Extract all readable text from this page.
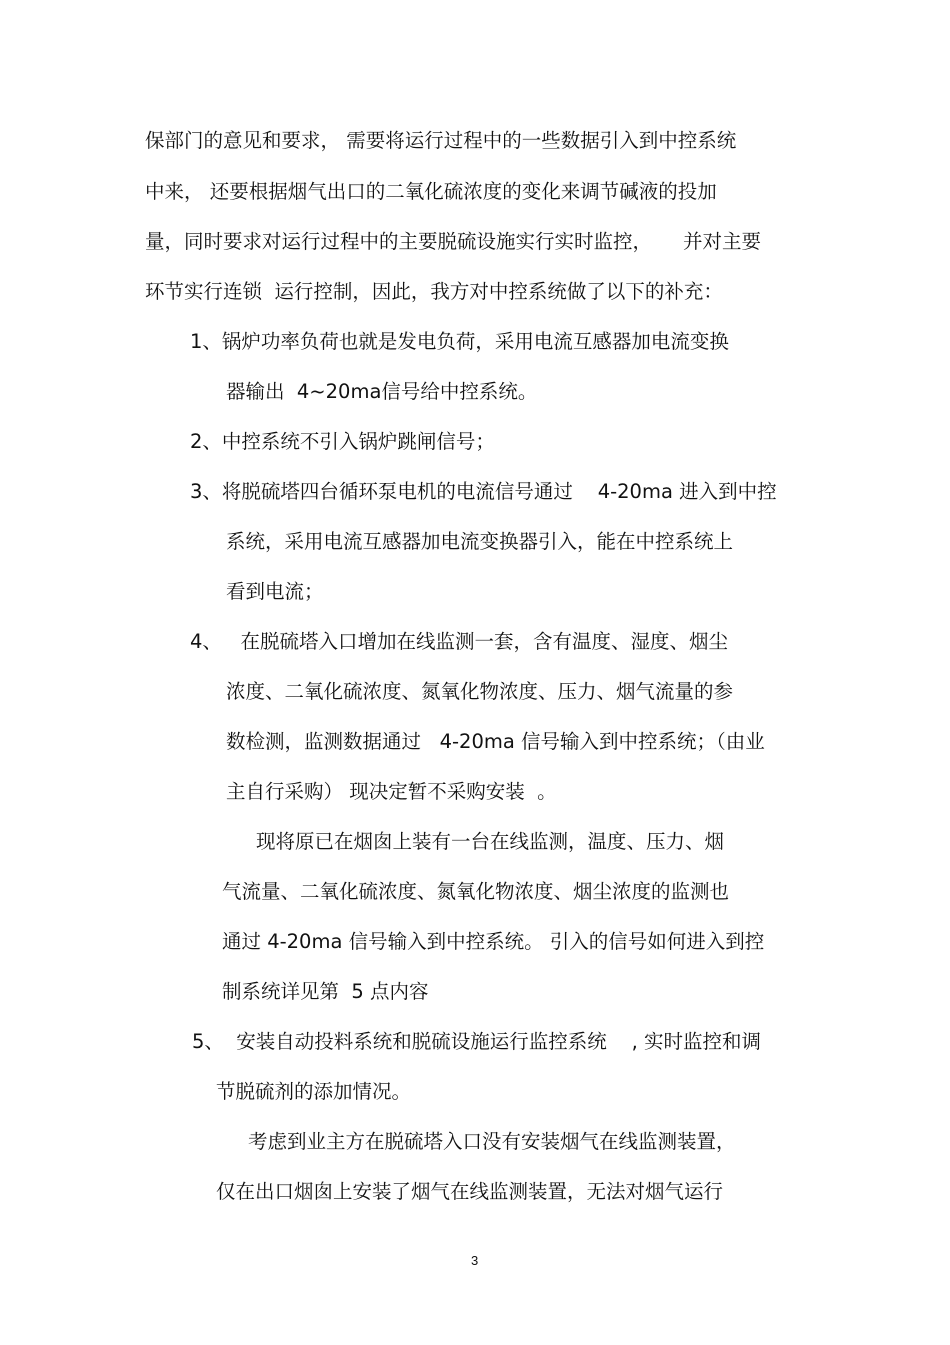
保部门的意见和要求， 需要将运行过程中的一些数据引入到中控系统
中来， 还要根据烟气出口的二氧化硫浓度的变化来调节碱液的投加
量，同时要求对运行过程中的主要脱硫设施实行实时监控，     并对主要
环节实行连锁  运行控制，因此，我方对中控系统做了以下的补充：
1、锅炉功率负荷也就是发电负荷，采用电流互感器加电流变换
器输出  4~20ma信号给中控系统。
2、中控系统不引入锅炉跳闸信号；
3、将脱硫塔四台循环泵电机的电流信号通过    4-20ma 进入到中控
系统，采用电流互感器加电流变换器引入，能在中控系统上
看到电流；
4、   在脱硫塔入口增加在线监测一套，含有温度、湿度、烟尘
浓度、二氧化硫浓度、氮氧化物浓度、压力、烟气流量的参
数检测，监测数据通过   4-20ma 信号输入到中控系统；（由业
主自行采购） 现决定暂不采购安装  。
现将原已在烟囱上装有一台在线监测，温度、压力、烟
气流量、二氧化硫浓度、氮氧化物浓度、烟尘浓度的监测也
通过 4-20ma 信号输入到中控系统。 引入的信号如何进入到控
制系统详见第  5 点内容
5、  安装自动投料系统和脱硫设施运行监控系统    , 实时监控和调
节脱硫剂的添加情况。
考虑到业主方在脱硫塔入口没有安装烟气在线监测装置，
仅在出口烟囱上安装了烟气在线监测装置，无法对烟气运行
3
